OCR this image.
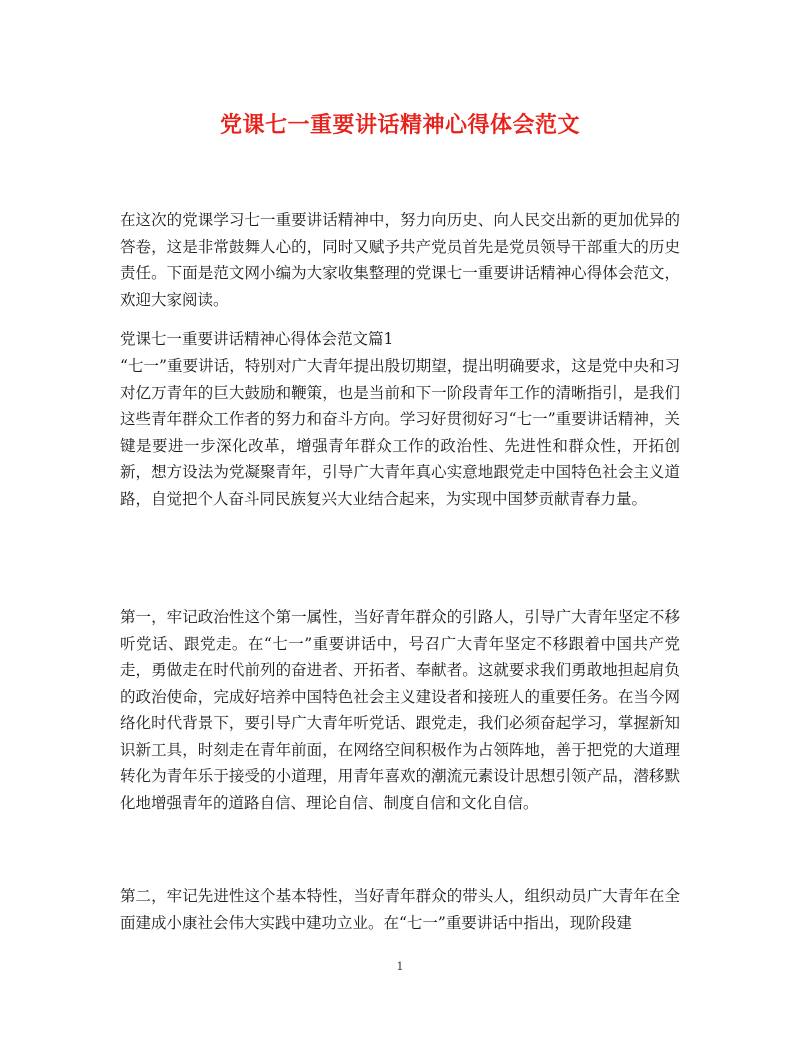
党课七一重要讲话精神心得体会范文

在这次的党课学习七一重要讲话精神中，努力向历史、向人民交出新的更加优异的答卷，这是非常鼓舞人心的，同时又赋予共产党员首先是党员领导干部重大的历史责任。下面是范文网小编为大家收集整理的党课七一重要讲话精神心得体会范文，欢迎大家阅读。

党课七一重要讲话精神心得体会范文篇1

“七一”重要讲话，特别对广大青年提出殷切期望，提出明确要求，这是党中央和习对亿万青年的巨大鼓励和鞭策，也是当前和下一阶段青年工作的清晰指引，是我们这些青年群众工作者的努力和奋斗方向。学习好贯彻好习“七一”重要讲话精神，关键是要进一步深化改革，增强青年群众工作的政治性、先进性和群众性，开拓创新，想方设法为党凝聚青年，引导广大青年真心实意地跟党走中国特色社会主义道路，自觉把个人奋斗同民族复兴大业结合起来，为实现中国梦贡献青春力量。

第一，牢记政治性这个第一属性，当好青年群众的引路人，引导广大青年坚定不移听党话、跟党走。在“七一”重要讲话中，号召广大青年坚定不移跟着中国共产党走，勇做走在时代前列的奋进者、开拓者、奉献者。这就要求我们勇敢地担起肩负的政治使命，完成好培养中国特色社会主义建设者和接班人的重要任务。在当今网络化时代背景下，要引导广大青年听党话、跟党走，我们必须奋起学习，掌握新知识新工具，时刻走在青年前面，在网络空间积极作为占领阵地，善于把党的大道理转化为青年乐于接受的小道理，用青年喜欢的潮流元素设计思想引领产品，潜移默化地增强青年的道路自信、理论自信、制度自信和文化自信。

第二，牢记先进性这个基本特性，当好青年群众的带头人，组织动员广大青年在全面建成小康社会伟大实践中建功立业。在“七一”重要讲话中指出，现阶段建

1
